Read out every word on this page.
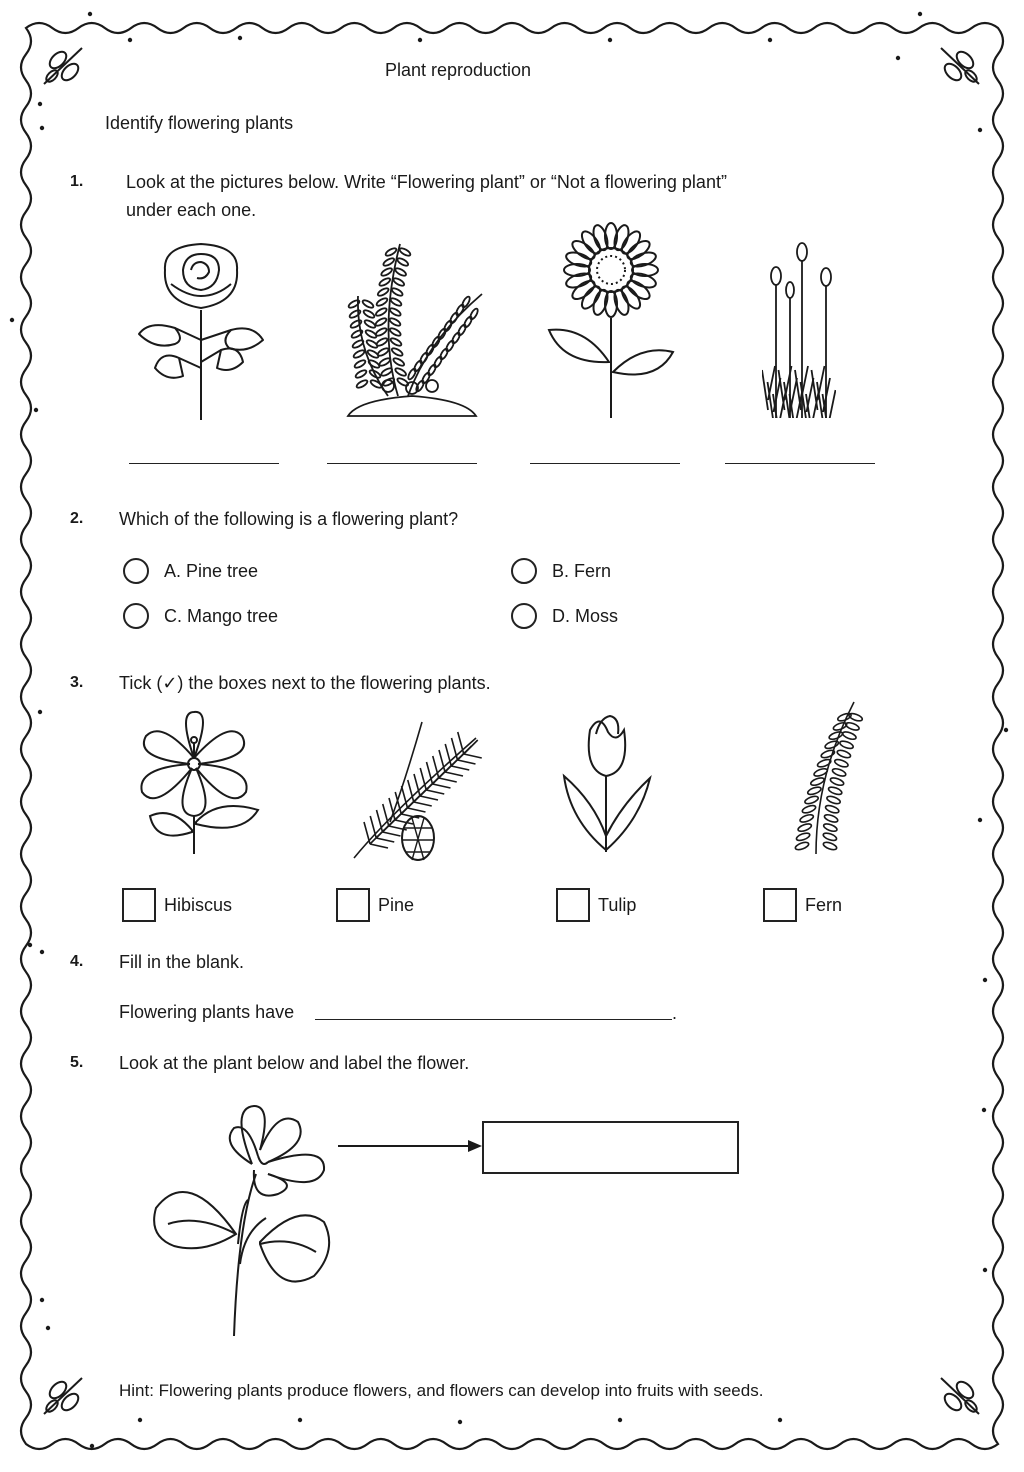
Plant reproduction
Identify flowering plants
1. Look at the pictures below. Write “Flowering plant” or “Not a flowering plant”
under each one.
2. Which of the following is a flowering plant?
A. Pine tree	B. Fern
C. Mango tree	D. Moss
3. Tick (✓) the boxes next to the flowering plants.
Hibiscus	Pine	Tulip	Fern
4. Fill in the blank.
Flowering plants have	.
5. Look at the plant below and label the flower.
Hint: Flowering plants produce flowers, and flowers can develop into fruits with seeds.
